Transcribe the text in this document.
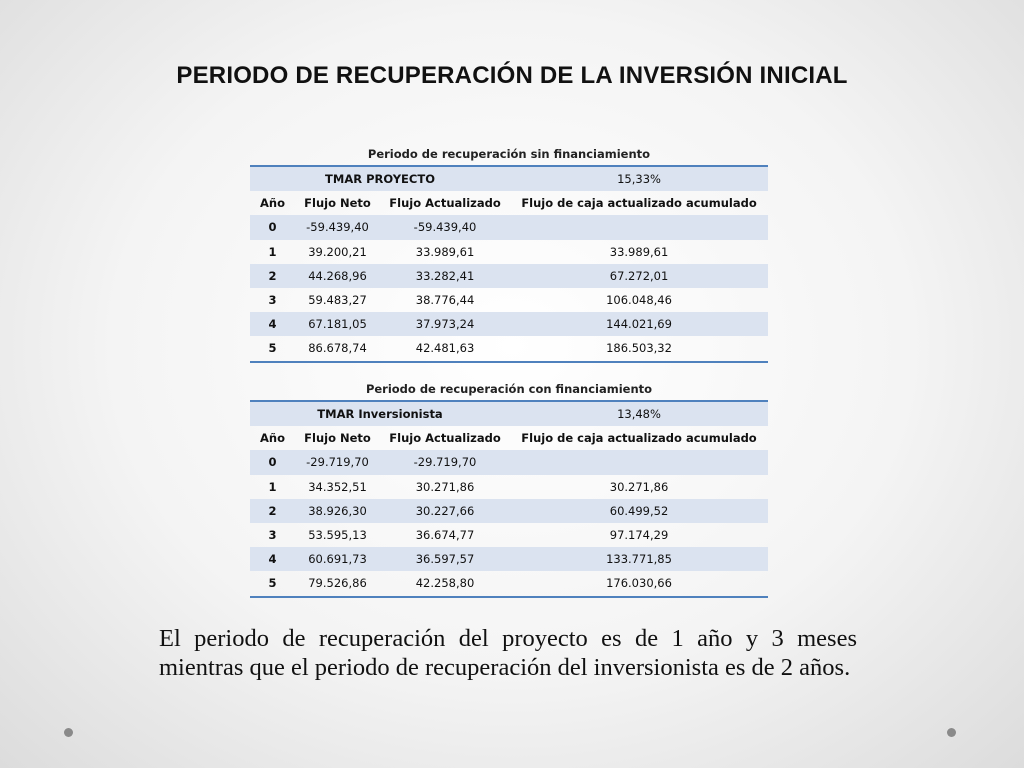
PERIODO DE RECUPERACIÓN DE LA INVERSIÓN INICIAL
Periodo de recuperación sin financiamiento
TMAR PROYECTO			15,33%
Año	Flujo Neto	Flujo Actualizado	Flujo de caja actualizado acumulado
0	-59.439,40	-59.439,40	
1	39.200,21	33.989,61	33.989,61
2	44.268,96	33.282,41	67.272,01
3	59.483,27	38.776,44	106.048,46
4	67.181,05	37.973,24	144.021,69
5	86.678,74	42.481,63	186.503,32
Periodo de recuperación con financiamiento
TMAR Inversionista			13,48%
Año	Flujo Neto	Flujo Actualizado	Flujo de caja actualizado acumulado
0	-29.719,70	-29.719,70	
1	34.352,51	30.271,86	30.271,86
2	38.926,30	30.227,66	60.499,52
3	53.595,13	36.674,77	97.174,29
4	60.691,73	36.597,57	133.771,85
5	79.526,86	42.258,80	176.030,66
El periodo de recuperación del proyecto es de 1 año y 3 meses mientras que el periodo de recuperación del inversionista es de 2 años.
